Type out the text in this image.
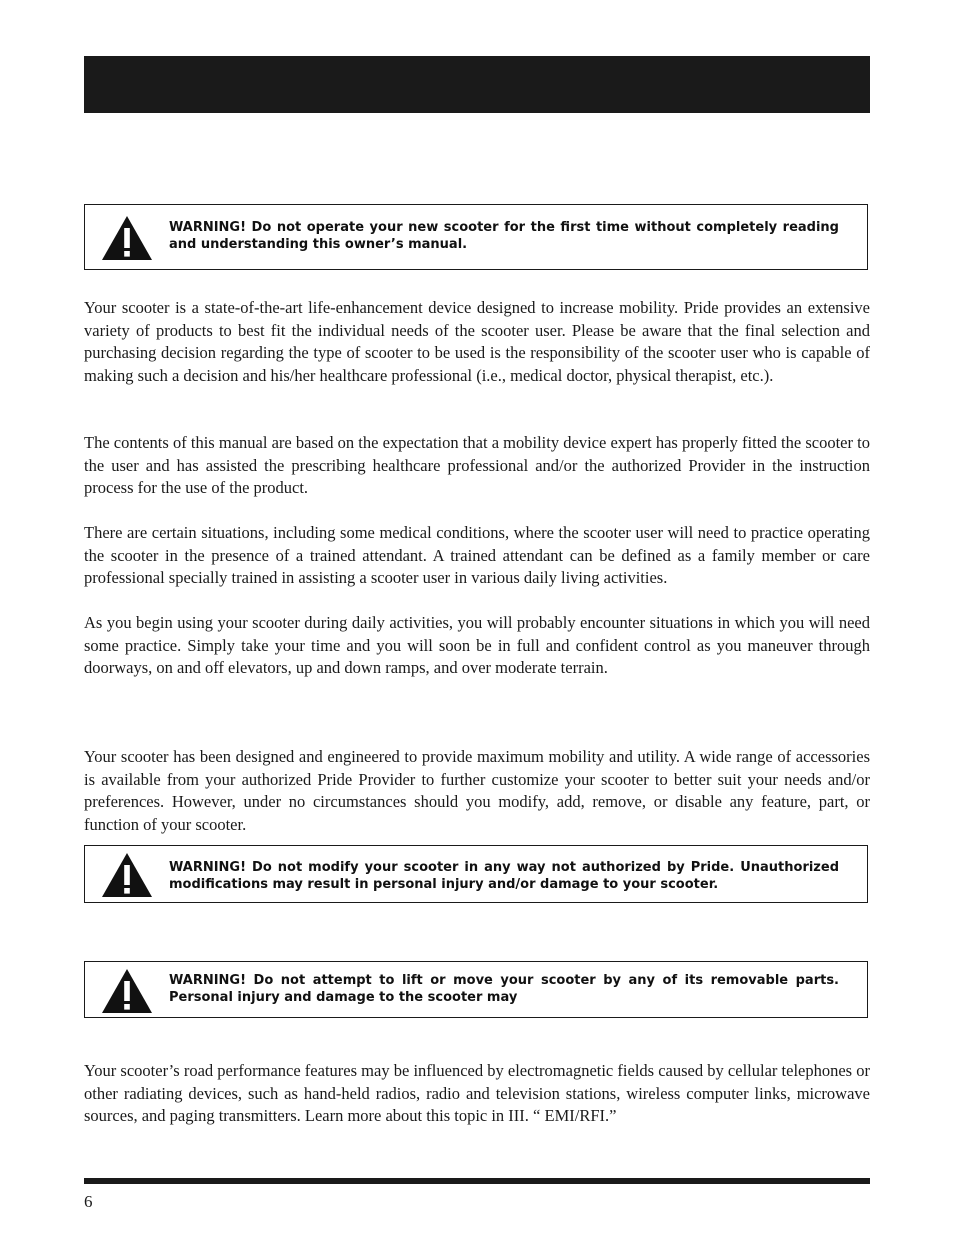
WARNING! Do not operate your new scooter for the first time without completely reading and understanding this owner’s manual.

Your scooter is a state-of-the-art life-enhancement device designed to increase mobility. Pride provides an extensive variety of products to best fit the individual needs of the scooter user. Please be aware that the final selection and purchasing decision regarding the type of scooter to be used is the responsibility of the scooter user who is capable of making such a decision and his/her healthcare professional (i.e., medical doctor, physical therapist, etc.).

The contents of this manual are based on the expectation that a mobility device expert has properly fitted the scooter to the user and has assisted the prescribing healthcare professional and/or the authorized Provider in the instruction process for the use of the product.

There are certain situations, including some medical conditions, where the scooter user will need to practice operating the scooter in the presence of a trained attendant. A trained attendant can be defined as a family member or care professional specially trained in assisting a scooter user in various daily living activities.

As you begin using your scooter during daily activities, you will probably encounter situations in which you will need some practice. Simply take your time and you will soon be in full and confident control as you maneuver through doorways, on and off elevators, up and down ramps, and over moderate terrain.

Your scooter has been designed and engineered to provide maximum mobility and utility. A wide range of accessories is available from your authorized Pride Provider to further customize your scooter to better suit your needs and/or preferences. However, under no circumstances should you modify, add, remove, or disable any feature, part, or function of your scooter.

WARNING! Do not modify your scooter in any way not authorized by Pride. Unauthorized modifications may result in personal injury and/or damage to your scooter.
WARNING! Do not attempt to lift or move your scooter by any of its removable parts. Personal injury and damage to the scooter may

Your scooter’s road performance features may be influenced by electromagnetic fields caused by cellular telephones or other radiating devices, such as hand-held radios, radio and television stations, wireless computer links, microwave sources, and paging transmitters. Learn more about this topic in III. “ EMI/RFI.”

6
